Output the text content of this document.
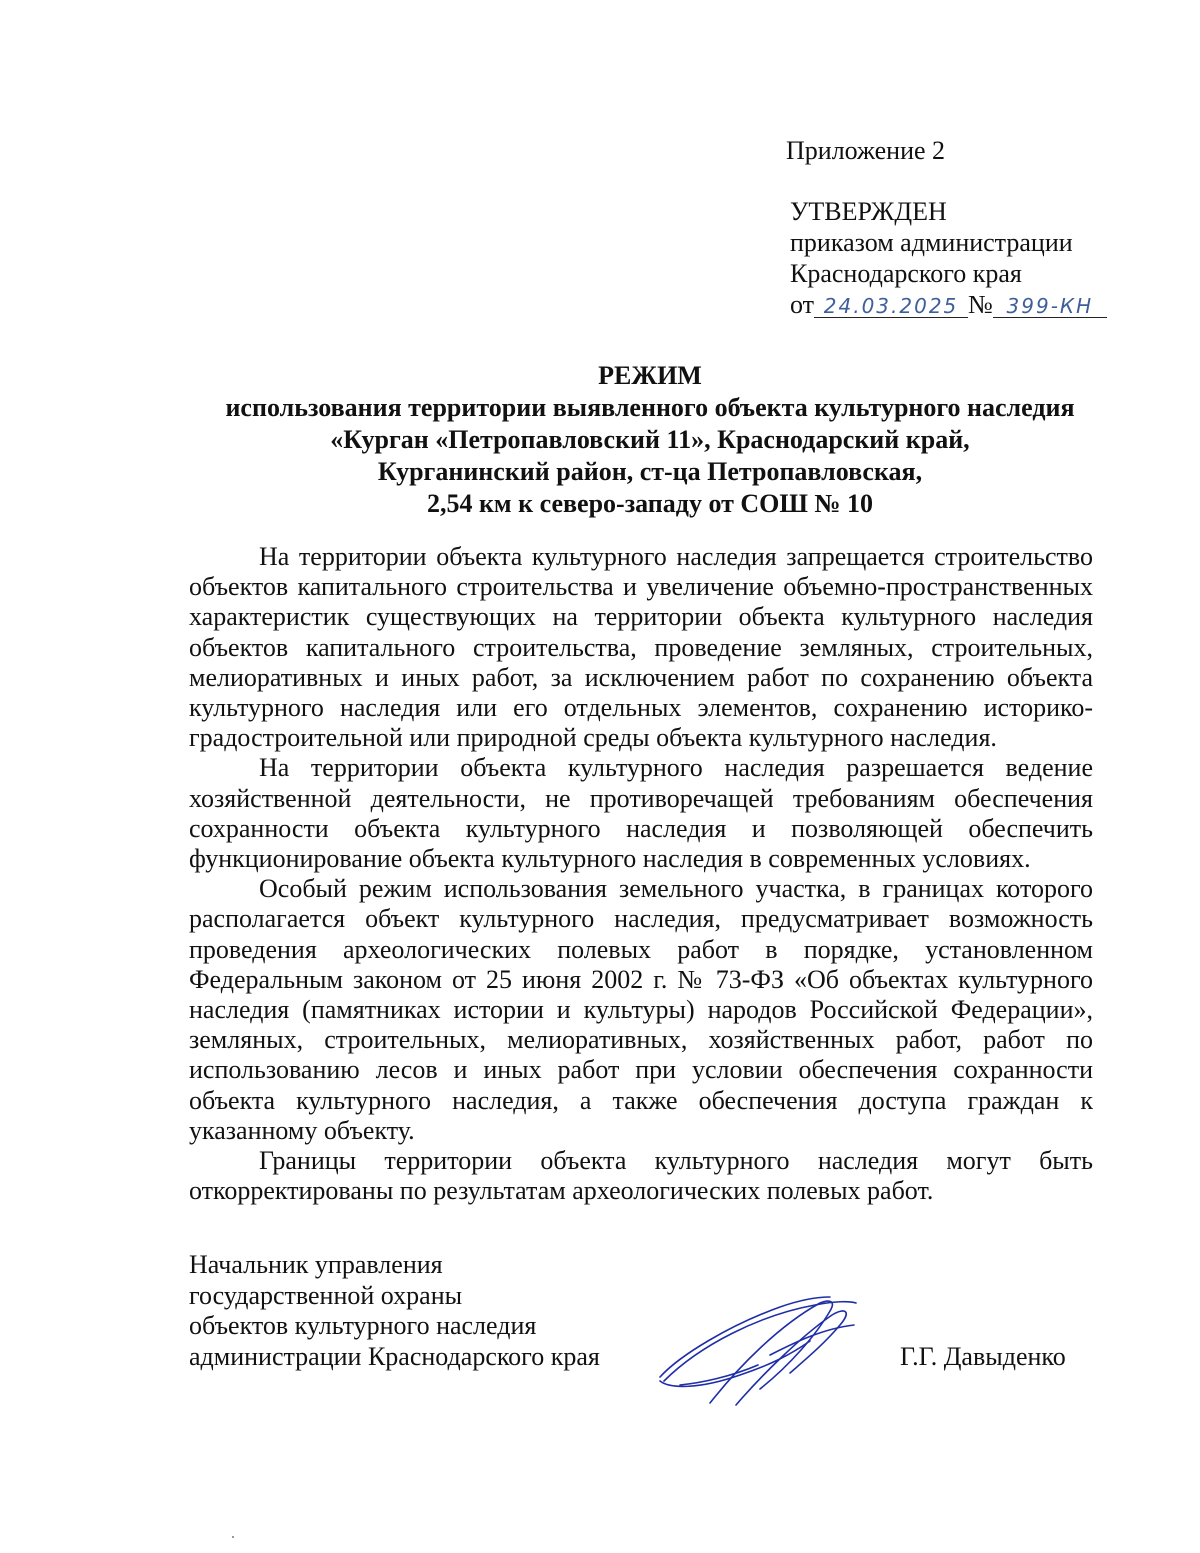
Приложение 2
УТВЕРЖДЕН
приказом администрации
Краснодарского края
от 24.03.2025 № 399-КН
РЕЖИМ
использования территории выявленного объекта культурного наследия
«Курган «Петропавловский 11», Краснодарский край,
Курганинский район, ст-ца Петропавловская,
2,54 км к северо-западу от СОШ № 10

На территории объекта культурного наследия запрещается строительство объектов капитального строительства и увеличение объемно-пространственных характеристик существующих на территории объекта культурного наследия объектов капитального строительства, проведение земляных, строительных, мелиоративных и иных работ, за исключением работ по сохранению объекта культурного наследия или его отдельных элементов, сохранению историко-градостроительной или природной среды объекта культурного наследия.

На территории объекта культурного наследия разрешается ведение хозяйственной деятельности, не противоречащей требованиям обеспечения сохранности объекта культурного наследия и позволяющей обеспечить функционирование объекта культурного наследия в современных условиях.

Особый режим использования земельного участка, в границах которого располагается объект культурного наследия, предусматривает возможность проведения археологических полевых работ в порядке, установленном Федеральным законом от 25 июня 2002 г. № 73-ФЗ «Об объектах культурного наследия (памятниках истории и культуры) народов Российской Федерации», земляных, строительных, мелиоративных, хозяйственных работ, работ по использованию лесов и иных работ при условии обеспечения сохранности объекта культурного наследия, а также обеспечения доступа граждан к указанному объекту.

Границы территории объекта культурного наследия могут быть откорректированы по результатам археологических полевых работ.

Начальник управления
государственной охраны
объектов культурного наследия
администрации Краснодарского края	Г.Г. Давыденко
